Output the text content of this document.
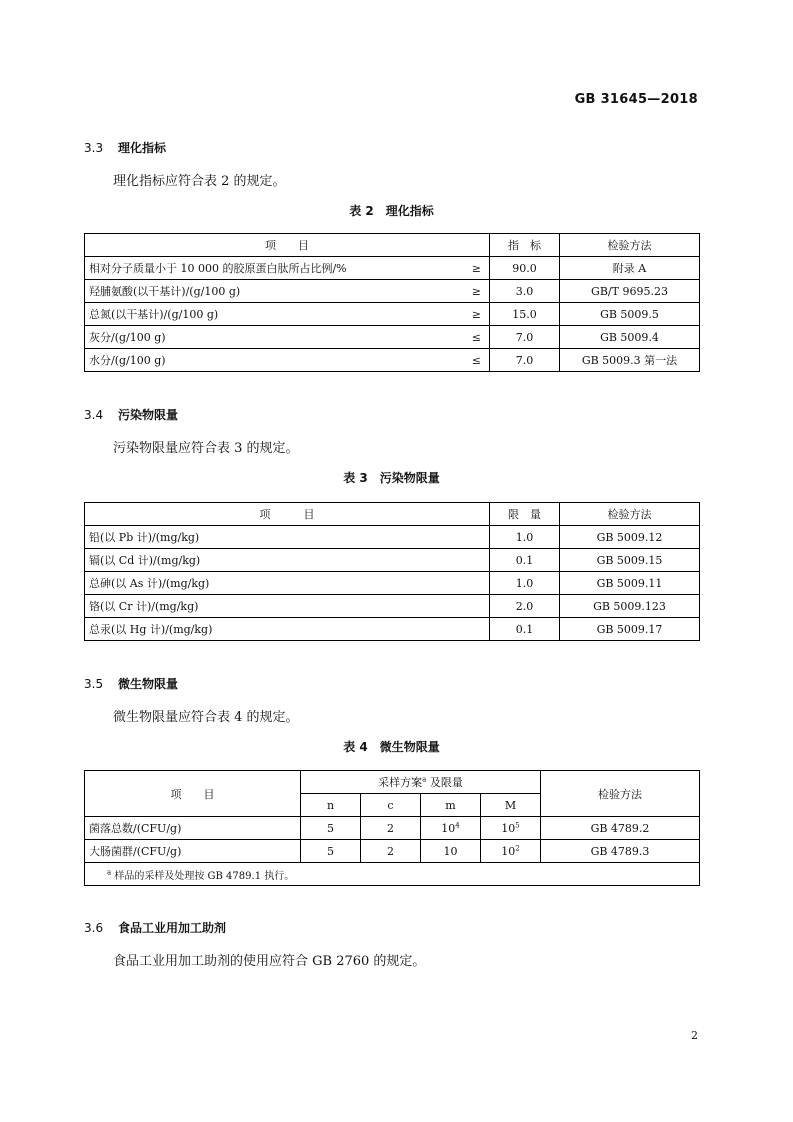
GB 31645—2018
3.3 理化指标
理化指标应符合表 2 的规定。
表 2 理化指标
项　　目		指　标	检验方法
相对分子质量小于 10 000 的胶原蛋白肽所占比例/%	≥	90.0	附录 A
羟脯氨酸(以干基计)/(g/100 g)	≥	3.0	GB/T 9695.23
总氮(以干基计)/(g/100 g)	≥	15.0	GB 5009.5
灰分/(g/100 g)	≤	7.0	GB 5009.4
水分/(g/100 g)	≤	7.0	GB 5009.3 第一法
3.4 污染物限量
污染物限量应符合表 3 的规定。
表 3 污染物限量
项　　　目	限　量	检验方法
铅(以 Pb 计)/(mg/kg)	1.0	GB 5009.12
镉(以 Cd 计)/(mg/kg)	0.1	GB 5009.15
总砷(以 As 计)/(mg/kg)	1.0	GB 5009.11
铬(以 Cr 计)/(mg/kg)	2.0	GB 5009.123
总汞(以 Hg 计)/(mg/kg)	0.1	GB 5009.17
3.5 微生物限量
微生物限量应符合表 4 的规定。
表 4 微生物限量
项　　目	采样方案$^a$ 及限量				检验方法
	n	c	m	M	
菌落总数/(CFU/g)	5	2	$10^4$	$10^5$	GB 4789.2
大肠菌群/(CFU/g)	5	2	10	$10^2$	GB 4789.3
$^a$ 样品的采样及处理按 GB 4789.1 执行。					
3.6 食品工业用加工助剂
食品工业用加工助剂的使用应符合 GB 2760 的规定。
2
